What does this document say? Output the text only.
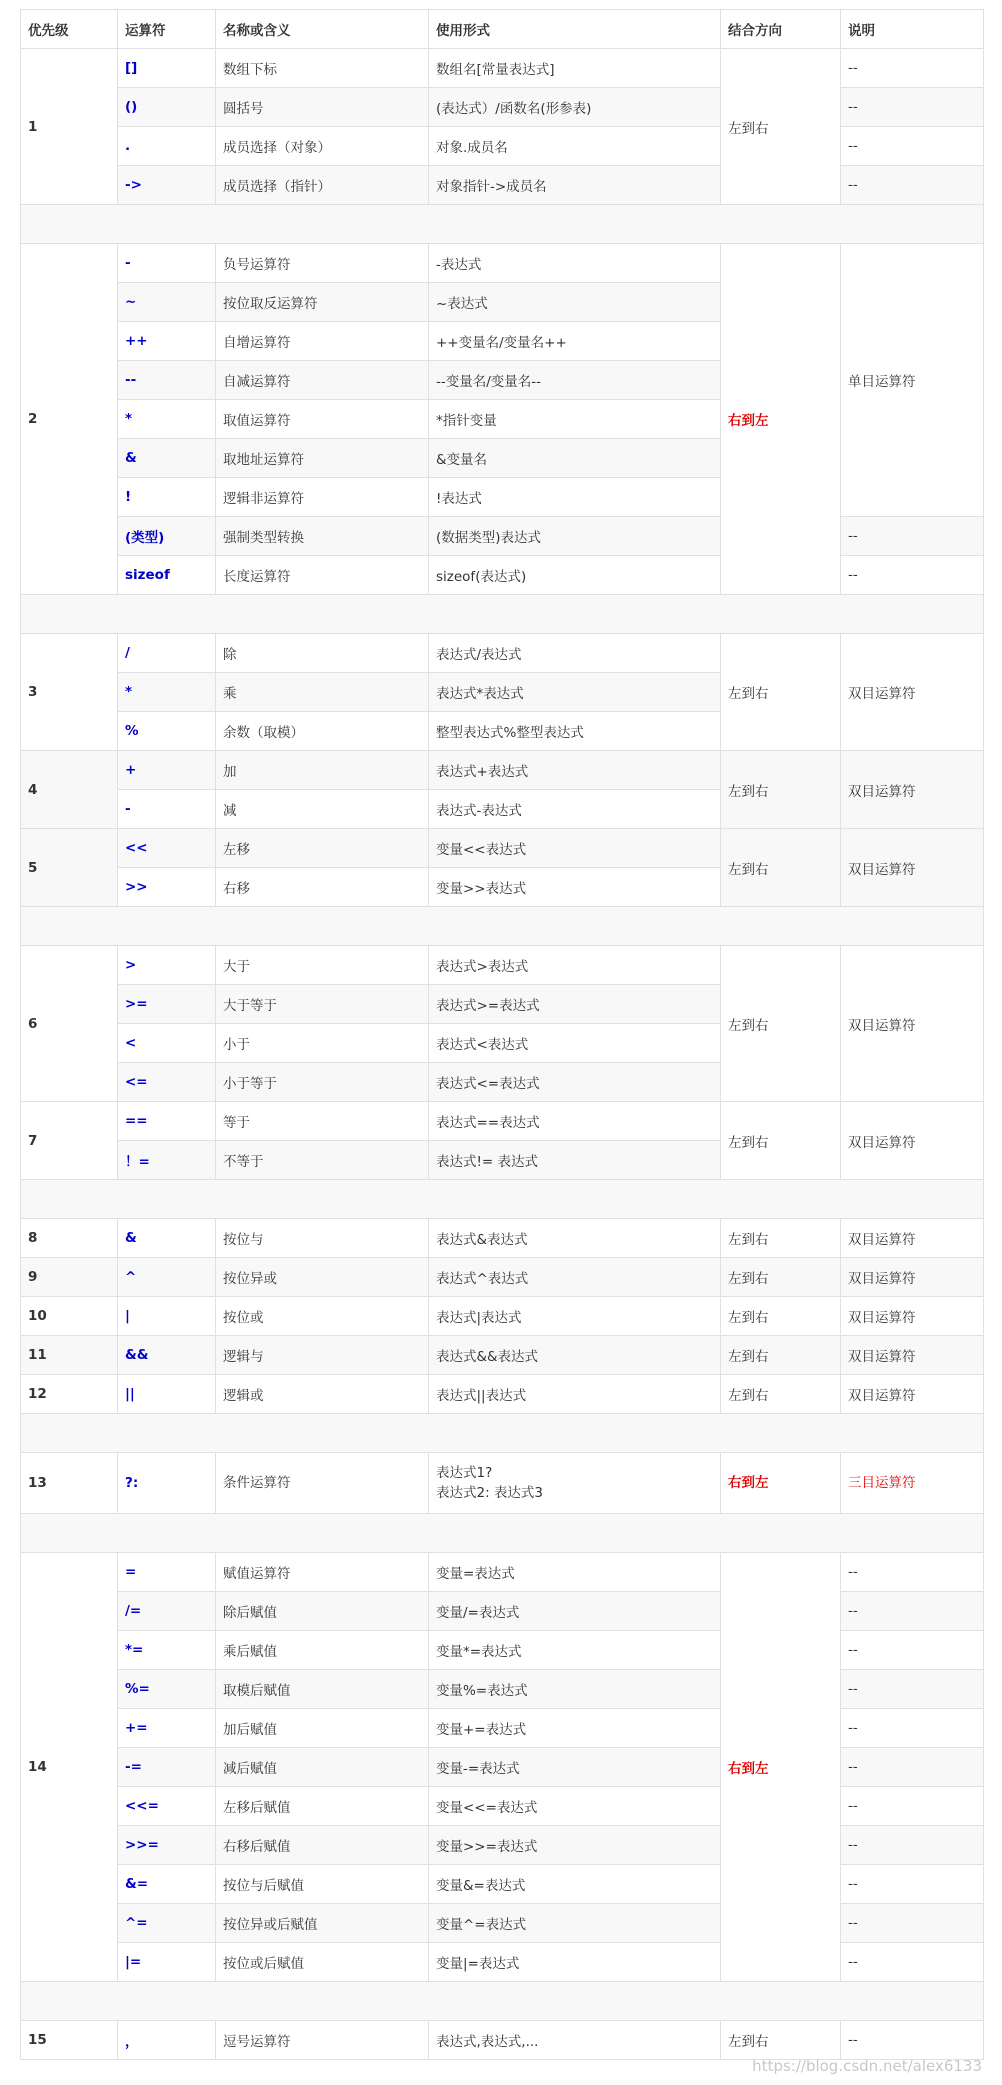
优先级	运算符	名称或含义	使用形式	结合方向	说明
1	[]	数组下标	数组名[常量表达式]	左到右	--
	()	圆括号	(表达式）/函数名(形参表)		--
	.	成员选择（对象）	对象.成员名		--
	->	成员选择（指针）	对象指针->成员名		--

2	-	负号运算符	-表达式	右到左	单目运算符
	~	按位取反运算符	~表达式		
	++	自增运算符	++变量名/变量名++		
	--	自减运算符	--变量名/变量名--		
	*	取值运算符	*指针变量		
	&	取地址运算符	&变量名		
	!	逻辑非运算符	!表达式		
	(类型)	强制类型转换	(数据类型)表达式		--
	sizeof	长度运算符	sizeof(表达式)		--

3	/	除	表达式/表达式	左到右	双目运算符
	*	乘	表达式*表达式		
	%	余数（取模）	整型表达式%整型表达式		
4	+	加	表达式+表达式	左到右	双目运算符
	-	减	表达式-表达式		
5	<<	左移	变量<<表达式	左到右	双目运算符
	>>	右移	变量>>表达式		

6	>	大于	表达式>表达式	左到右	双目运算符
	>=	大于等于	表达式>=表达式		
	<	小于	表达式<表达式		
	<=	小于等于	表达式<=表达式		
7	==	等于	表达式==表达式	左到右	双目运算符
	！=	不等于	表达式!= 表达式		

8	&	按位与	表达式&表达式	左到右	双目运算符
9	^	按位异或	表达式^表达式	左到右	双目运算符
10	|	按位或	表达式|表达式	左到右	双目运算符
11	&&	逻辑与	表达式&&表达式	左到右	双目运算符
12	||	逻辑或	表达式||表达式	左到右	双目运算符

13	?:	条件运算符	表达式1?
表达式2: 表达式3	右到左	三目运算符

14	=	赋值运算符	变量=表达式	右到左	--
	/=	除后赋值	变量/=表达式		--
	*=	乘后赋值	变量*=表达式		--
	%=	取模后赋值	变量%=表达式		--
	+=	加后赋值	变量+=表达式		--
	-=	减后赋值	变量-=表达式		--
	<<=	左移后赋值	变量<<=表达式		--
	>>=	右移后赋值	变量>>=表达式		--
	&=	按位与后赋值	变量&=表达式		--
	^=	按位异或后赋值	变量^=表达式		--
	|=	按位或后赋值	变量|=表达式		--

15	，	逗号运算符	表达式,表达式,...	左到右	--
https://blog.csdn.net/alex6133
